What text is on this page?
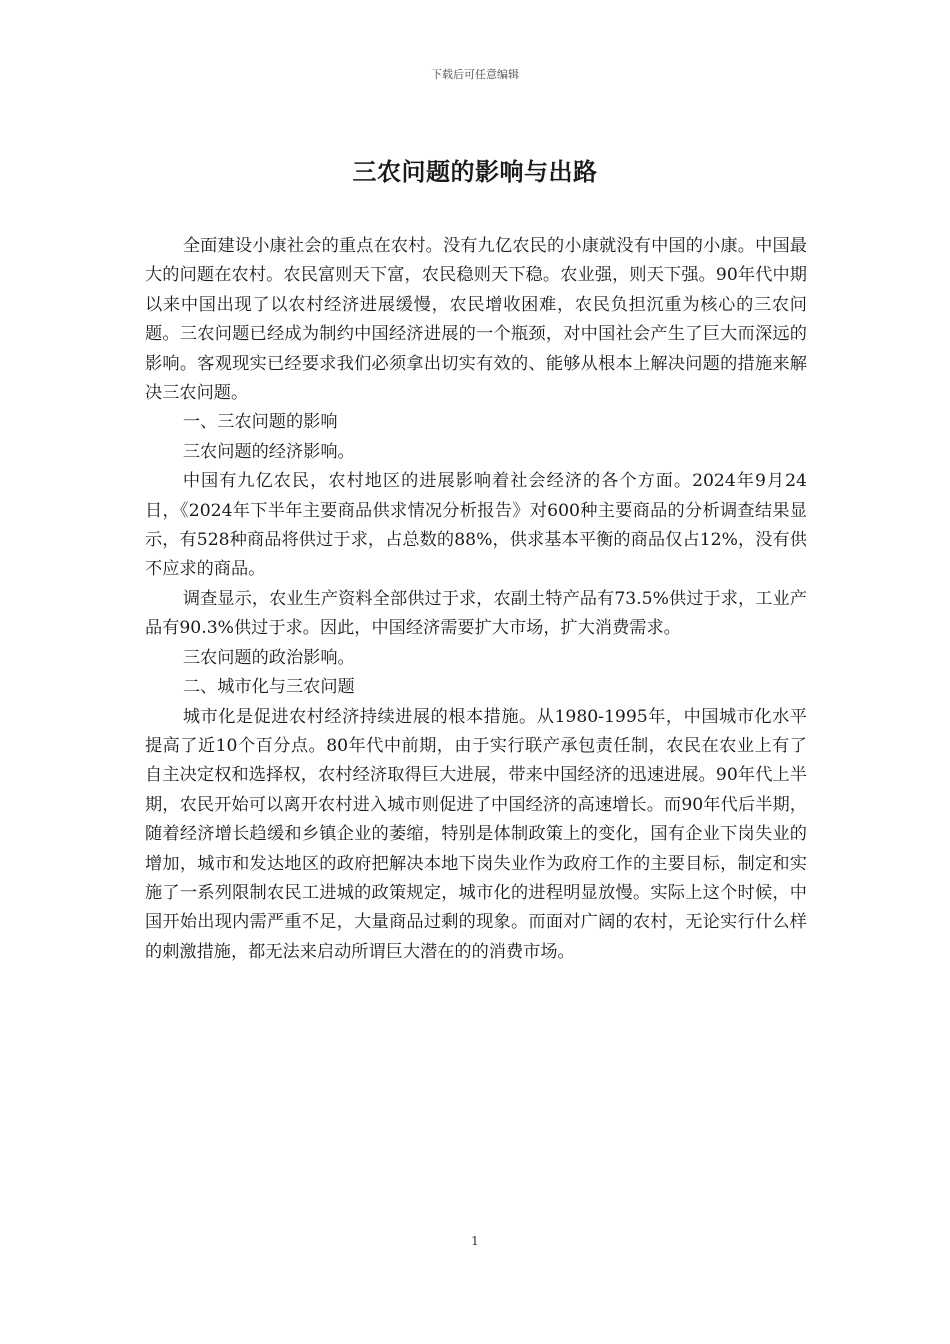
下载后可任意编辑
三农问题的影响与出路

全面建设小康社会的重点在农村。没有九亿农民的小康就没有中国的小康。中国最大的问题在农村。农民富则天下富，农民稳则天下稳。农业强，则天下强。90年代中期以来中国出现了以农村经济进展缓慢，农民增收困难，农民负担沉重为核心的三农问题。三农问题已经成为制约中国经济进展的一个瓶颈，对中国社会产生了巨大而深远的影响。客观现实已经要求我们必须拿出切实有效的、能够从根本上解决问题的措施来解决三农问题。

一、三农问题的影响

三农问题的经济影响。

中国有九亿农民，农村地区的进展影响着社会经济的各个方面。2024年9月24日，《2024年下半年主要商品供求情况分析报告》对600种主要商品的分析调查结果显示，有528种商品将供过于求，占总数的88%，供求基本平衡的商品仅占12%，没有供不应求的商品。

调查显示，农业生产资料全部供过于求，农副土特产品有73.5%供过于求，工业产品有90.3%供过于求。因此，中国经济需要扩大市场，扩大消费需求。

三农问题的政治影响。

二、城市化与三农问题

城市化是促进农村经济持续进展的根本措施。从1980-1995年，中国城市化水平提高了近10个百分点。80年代中前期，由于实行联产承包责任制，农民在农业上有了自主决定权和选择权，农村经济取得巨大进展，带来中国经济的迅速进展。90年代上半期，农民开始可以离开农村进入城市则促进了中国经济的高速增长。而90年代后半期，随着经济增长趋缓和乡镇企业的萎缩，特别是体制政策上的变化，国有企业下岗失业的增加，城市和发达地区的政府把解决本地下岗失业作为政府工作的主要目标，制定和实施了一系列限制农民工进城的政策规定，城市化的进程明显放慢。实际上这个时候，中国开始出现内需严重不足，大量商品过剩的现象。而面对广阔的农村，无论实行什么样的刺激措施，都无法来启动所谓巨大潜在的的消费市场。

1
